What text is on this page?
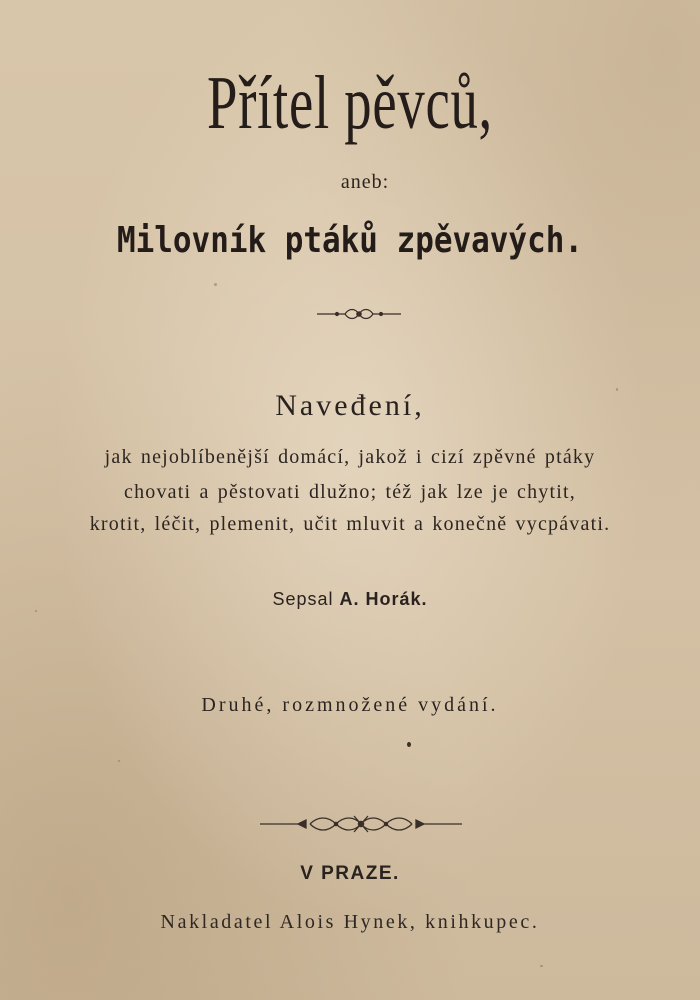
Přítel pěvců,
aneb:
Milovník ptáků zpěvavých.
Naveđení,
jak nejoblíbenější domácí, jakož i cizí zpěvné ptáky
chovati a pěstovati dlužno; též jak lze je chytit,
krotit, léčit, plemenit, učit mluvit a konečně vycpávati.
Sepsal A. Horák.
Druhé, rozmnožené vydání.
V PRAZE.
Nakladatel Alois Hynek, knihkupec.
